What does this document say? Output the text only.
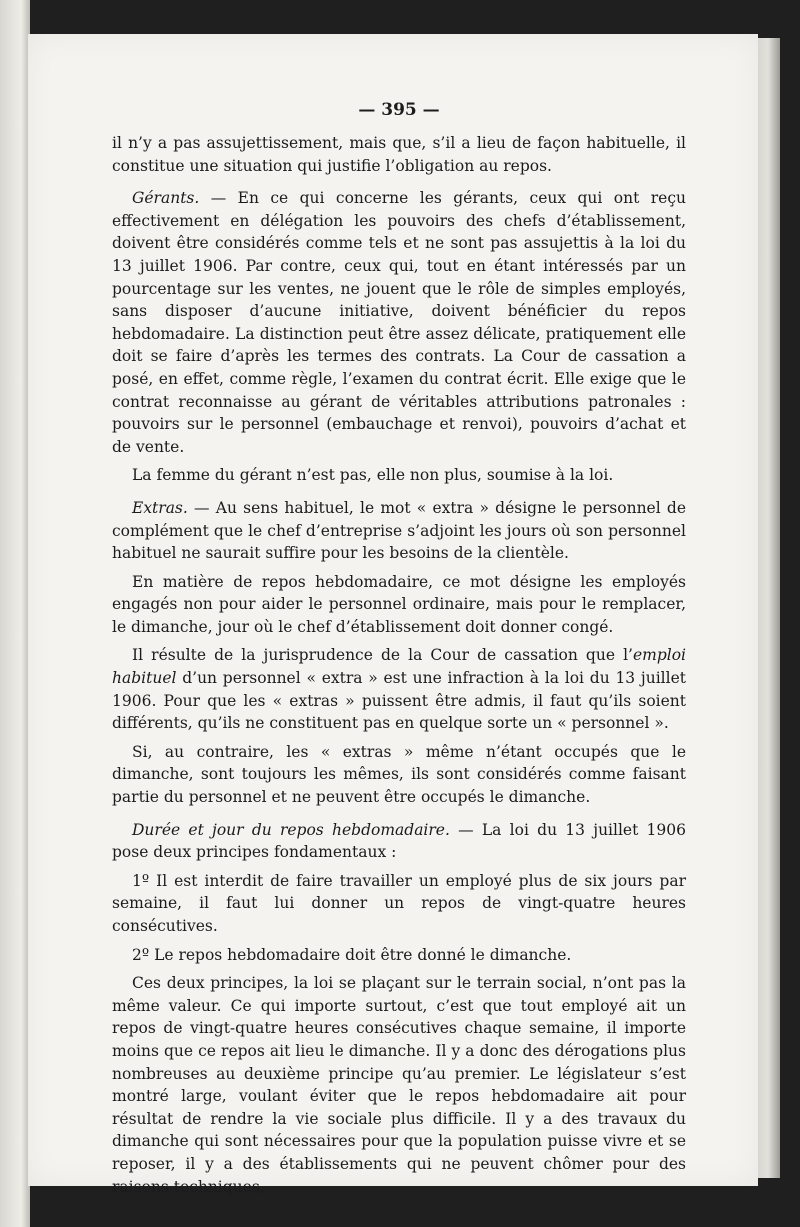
— 395 —

il n’y a pas assujettissement, mais que, s’il a lieu de façon habituelle, il constitue une situation qui justifie l’obligation au repos.

Gérants. — En ce qui concerne les gérants, ceux qui ont reçu effectivement en délégation les pouvoirs des chefs d’établissement, doivent être considérés comme tels et ne sont pas assujettis à la loi du 13 juillet 1906. Par contre, ceux qui, tout en étant intéressés par un pourcentage sur les ventes, ne jouent que le rôle de simples employés, sans disposer d’aucune initiative, doivent bénéficier du repos hebdomadaire. La distinction peut être assez délicate, pratiquement elle doit se faire d’après les termes des contrats. La Cour de cassation a posé, en effet, comme règle, l’examen du contrat écrit. Elle exige que le contrat reconnaisse au gérant de véritables attributions patronales : pouvoirs sur le personnel (embauchage et renvoi), pouvoirs d’achat et de vente.

La femme du gérant n’est pas, elle non plus, soumise à la loi.

Extras. — Au sens habituel, le mot « extra » désigne le personnel de complément que le chef d’entreprise s’adjoint les jours où son personnel habituel ne saurait suffire pour les besoins de la clientèle.

En matière de repos hebdomadaire, ce mot désigne les employés engagés non pour aider le personnel ordinaire, mais pour le remplacer, le dimanche, jour où le chef d’établissement doit donner congé.

Il résulte de la jurisprudence de la Cour de cassation que l’emploi habituel d’un personnel « extra » est une infraction à la loi du 13 juillet 1906. Pour que les « extras » puissent être admis, il faut qu’ils soient différents, qu’ils ne constituent pas en quelque sorte un « personnel ».

Si, au contraire, les « extras » même n’étant occupés que le dimanche, sont toujours les mêmes, ils sont considérés comme faisant partie du personnel et ne peuvent être occupés le dimanche.

Durée et jour du repos hebdomadaire. — La loi du 13 juillet 1906 pose deux principes fondamentaux :

1º Il est interdit de faire travailler un employé plus de six jours par semaine, il faut lui donner un repos de vingt-quatre heures consécutives.

2º Le repos hebdomadaire doit être donné le dimanche.

Ces deux principes, la loi se plaçant sur le terrain social, n’ont pas la même valeur. Ce qui importe surtout, c’est que tout employé ait un repos de vingt-quatre heures consécutives chaque semaine, il importe moins que ce repos ait lieu le dimanche. Il y a donc des dérogations plus nombreuses au deuxième principe qu’au premier. Le législateur s’est montré large, voulant éviter que le repos hebdomadaire ait pour résultat de rendre la vie sociale plus difficile. Il y a des travaux du dimanche qui sont nécessaires pour que la population puisse vivre et se reposer, il y a des établissements qui ne peuvent chômer pour des raisons techniques,
